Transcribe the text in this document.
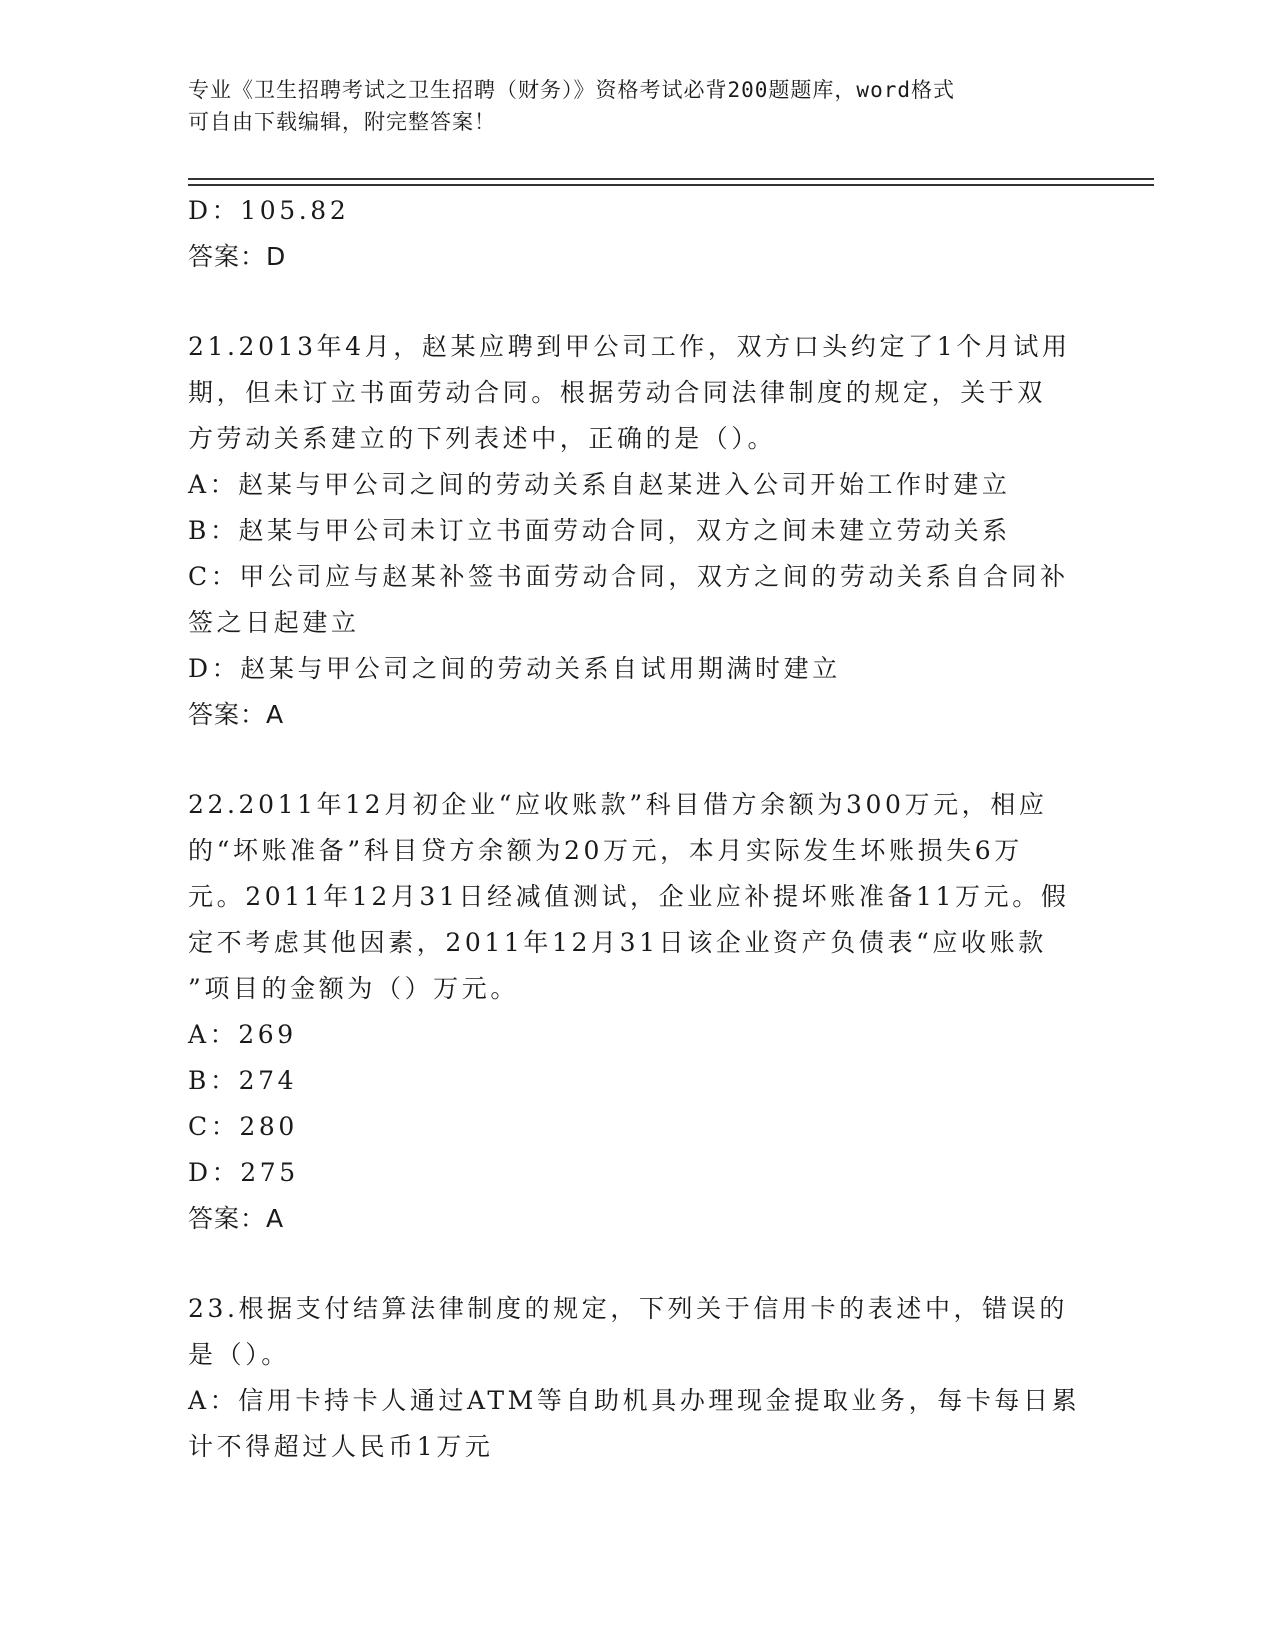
专业《卫生招聘考试之卫生招聘（财务）》资格考试必背200题题库，word格式
可自由下载编辑，附完整答案！
D：105.82
答案：D
21.2013年4月，赵某应聘到甲公司工作，双方口头约定了1个月试用
期，但未订立书面劳动合同。根据劳动合同法律制度的规定，关于双
方劳动关系建立的下列表述中，正确的是（）。
A：赵某与甲公司之间的劳动关系自赵某进入公司开始工作时建立
B：赵某与甲公司未订立书面劳动合同，双方之间未建立劳动关系
C：甲公司应与赵某补签书面劳动合同，双方之间的劳动关系自合同补
签之日起建立
D：赵某与甲公司之间的劳动关系自试用期满时建立
答案：A
22.2011年12月初企业“应收账款”科目借方余额为300万元，相应
的“坏账准备”科目贷方余额为20万元，本月实际发生坏账损失6万
元。2011年12月31日经减值测试，企业应补提坏账准备11万元。假
定不考虑其他因素，2011年12月31日该企业资产负债表“应收账款
”项目的金额为（）万元。
A：269
B：274
C：280
D：275
答案：A
23.根据支付结算法律制度的规定，下列关于信用卡的表述中，错误的
是（）。
A：信用卡持卡人通过ATM等自助机具办理现金提取业务，每卡每日累
计不得超过人民币1万元
